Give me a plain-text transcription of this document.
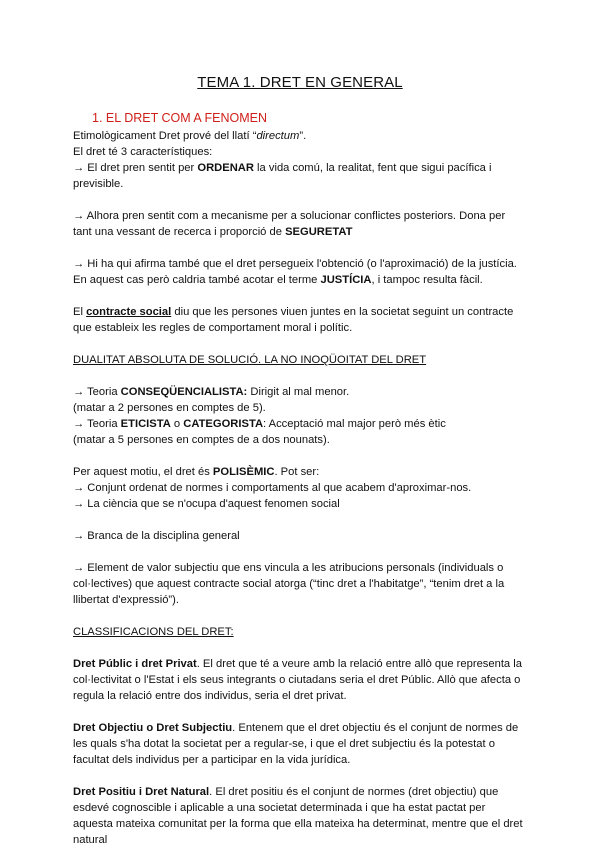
TEMA 1. DRET EN GENERAL
1. EL DRET COM A FENOMEN

Etimològicament Dret prové del llatí “directum”.

El dret té 3 característiques:

→ El dret pren sentit per ORDENAR la vida comú, la realitat, fent que sigui pacífica i previsible.

→ Alhora pren sentit com a mecanisme per a solucionar conflictes posteriors. Dona per tant una vessant de recerca i proporció de SEGURETAT

→ Hi ha qui afirma també que el dret persegueix l'obtenció (o l'aproximació) de la justícia. En aquest cas però caldria també acotar el terme JUSTÍCIA, i tampoc resulta fàcil.

El contracte social diu que les persones viuen juntes en la societat seguint un contracte que estableix les regles de comportament moral i polític.

DUALITAT ABSOLUTA DE SOLUCIÓ. LA NO INOQÜOITAT DEL DRET

→ Teoria CONSEQÜENCIALISTA: Dirigit al mal menor.

(matar a 2 persones en comptes de 5).

→ Teoria ETICISTA o CATEGORISTA: Acceptació mal major però més ètic

(matar a 5 persones en comptes de a dos nounats).

Per aquest motiu, el dret és POLISÈMIC. Pot ser:

→ Conjunt ordenat de normes i comportaments al que acabem d'aproximar-nos.

→ La ciència que se n'ocupa d'aquest fenomen social

→ Branca de la disciplina general

→ Element de valor subjectiu que ens vincula a les atribucions personals (individuals o col·lectives) que aquest contracte social atorga (“tinc dret a l'habitatge”, “tenim dret a la llibertat d'expressió”).

CLASSIFICACIONS DEL DRET:

Dret Públic i dret Privat. El dret que té a veure amb la relació entre allò que representa la col·lectivitat o l'Estat i els seus integrants o ciutadans seria el dret Públic. Allò que afecta o regula la relació entre dos individus, seria el dret privat.

Dret Objectiu o Dret Subjectiu. Entenem que el dret objectiu és el conjunt de normes de les quals s'ha dotat la societat per a regular-se, i que el dret subjectiu és la potestat o facultat dels individus per a participar en la vida jurídica.

Dret Positiu i Dret Natural. El dret positiu és el conjunt de normes (dret objectiu) que esdevé cognoscible i aplicable a una societat determinada i que ha estat pactat per aquesta mateixa comunitat per la forma que ella mateixa ha determinat, mentre que el dret natural
